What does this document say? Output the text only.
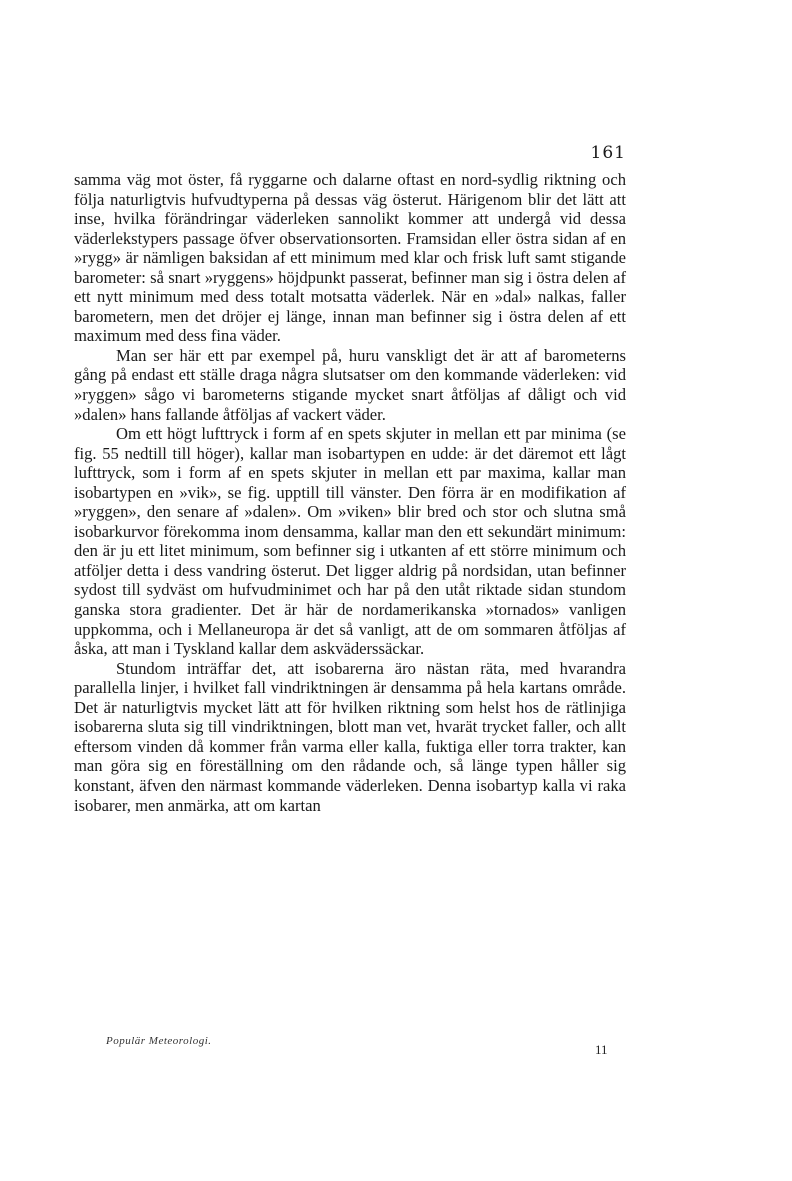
161

samma väg mot öster, få ryggarne och dalarne oftast en nord-sydlig riktning och följa naturligtvis hufvudtyperna på dessas väg österut. Härigenom blir det lätt att inse, hvilka förändringar väderleken sannolikt kommer att undergå vid dessa väderlekstypers passage öfver observationsorten. Framsidan eller östra sidan af en »rygg» är nämligen baksidan af ett minimum med klar och frisk luft samt stigande barometer: så snart »ryggens» höjdpunkt passerat, befinner man sig i östra delen af ett nytt minimum med dess totalt motsatta väderlek. När en »dal» nalkas, faller barometern, men det dröjer ej länge, innan man befinner sig i östra delen af ett maximum med dess fina väder.

Man ser här ett par exempel på, huru vanskligt det är att af barometerns gång på endast ett ställe draga några slutsatser om den kommande väderleken: vid »ryggen» sågo vi barometerns stigande mycket snart åtföljas af dåligt och vid »dalen» hans fallande åtföljas af vackert väder.

Om ett högt lufttryck i form af en spets skjuter in mellan ett par minima (se fig. 55 nedtill till höger), kallar man isobartypen en udde: är det däremot ett lågt lufttryck, som i form af en spets skjuter in mellan ett par maxima, kallar man isobartypen en »vik», se fig. upptill till vänster. Den förra är en modifikation af »ryggen», den senare af »dalen». Om »viken» blir bred och stor och slutna små isobarkurvor förekomma inom densamma, kallar man den ett sekundärt minimum: den är ju ett litet minimum, som befinner sig i utkanten af ett större minimum och atföljer detta i dess vandring österut. Det ligger aldrig på nordsidan, utan befinner sydost till sydväst om hufvudminimet och har på den utåt riktade sidan stundom ganska stora gradienter. Det är här de nordamerikanska »tornados» vanligen uppkomma, och i Mellaneuropa är det så vanligt, att de om sommaren åtföljas af åska, att man i Tyskland kallar dem askväderssäckar.

Stundom inträffar det, att isobarerna äro nästan räta, med hvarandra parallella linjer, i hvilket fall vindriktningen är densamma på hela kartans område. Det är naturligtvis mycket lätt att för hvilken riktning som helst hos de rätlinjiga isobarerna sluta sig till vindriktningen, blott man vet, hvarät trycket faller, och allt eftersom vinden då kommer från varma eller kalla, fuktiga eller torra trakter, kan man göra sig en föreställning om den rådande och, så länge typen håller sig konstant, äfven den närmast kommande väderleken. Denna isobartyp kalla vi raka isobarer, men anmärka, att om kartan

Populär Meteorologi.
11
